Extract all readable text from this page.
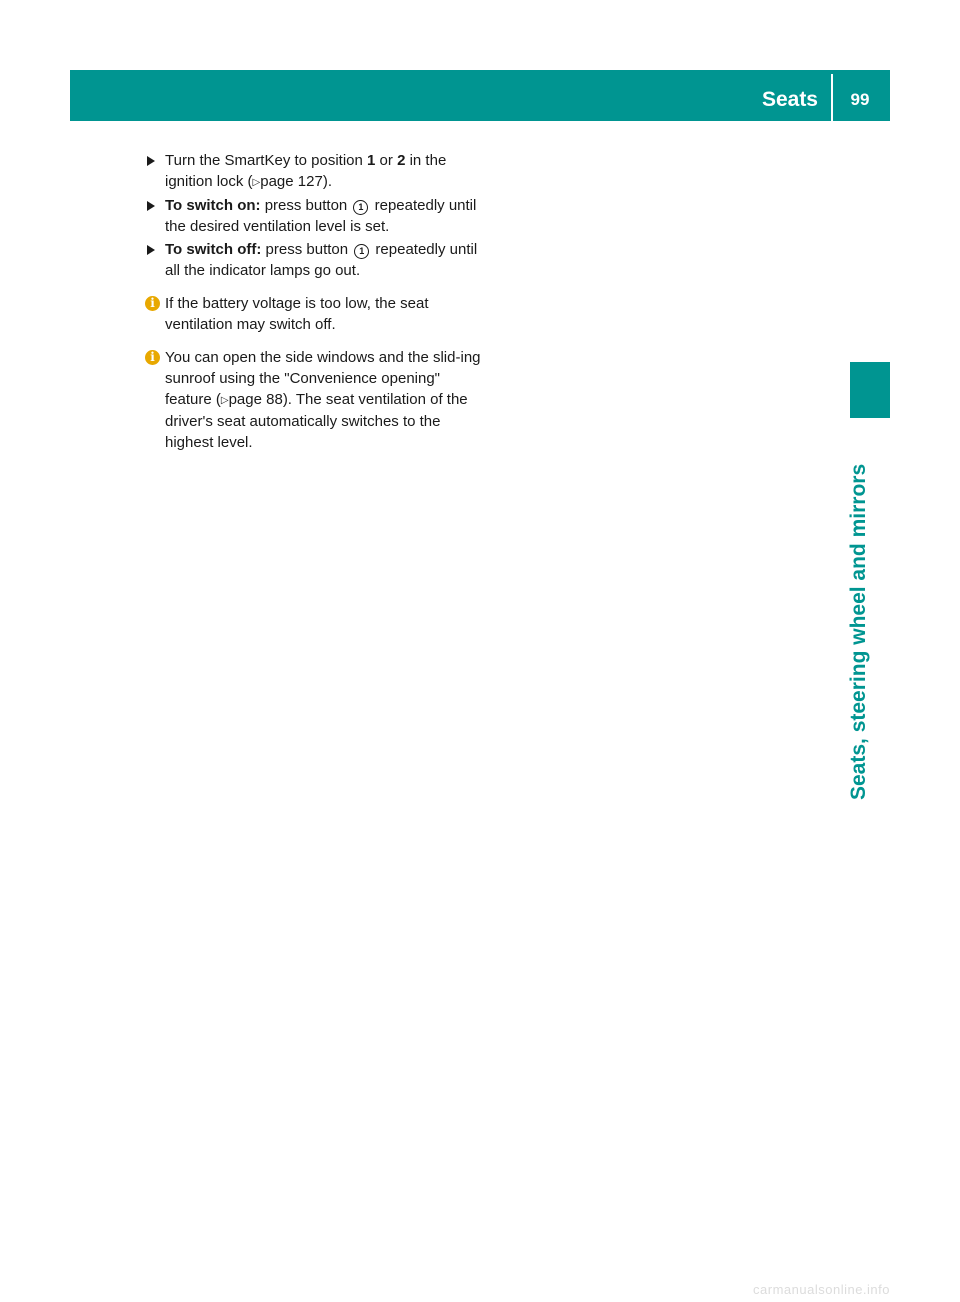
Seats	99
Seats, steering wheel and mirrors
Turn the SmartKey to position 1 or 2 in the ignition lock (▷page 127).
To switch on: press button 1 repeatedly until the desired ventilation level is set.
To switch off: press button 1 repeatedly until all the indicator lamps go out.
i If the battery voltage is too low, the seat ventilation may switch off.
i You can open the side windows and the slid-ing sunroof using the "Convenience opening" feature (▷page 88). The seat ventilation of the driver's seat automatically switches to the highest level.
carmanualsonline.info
